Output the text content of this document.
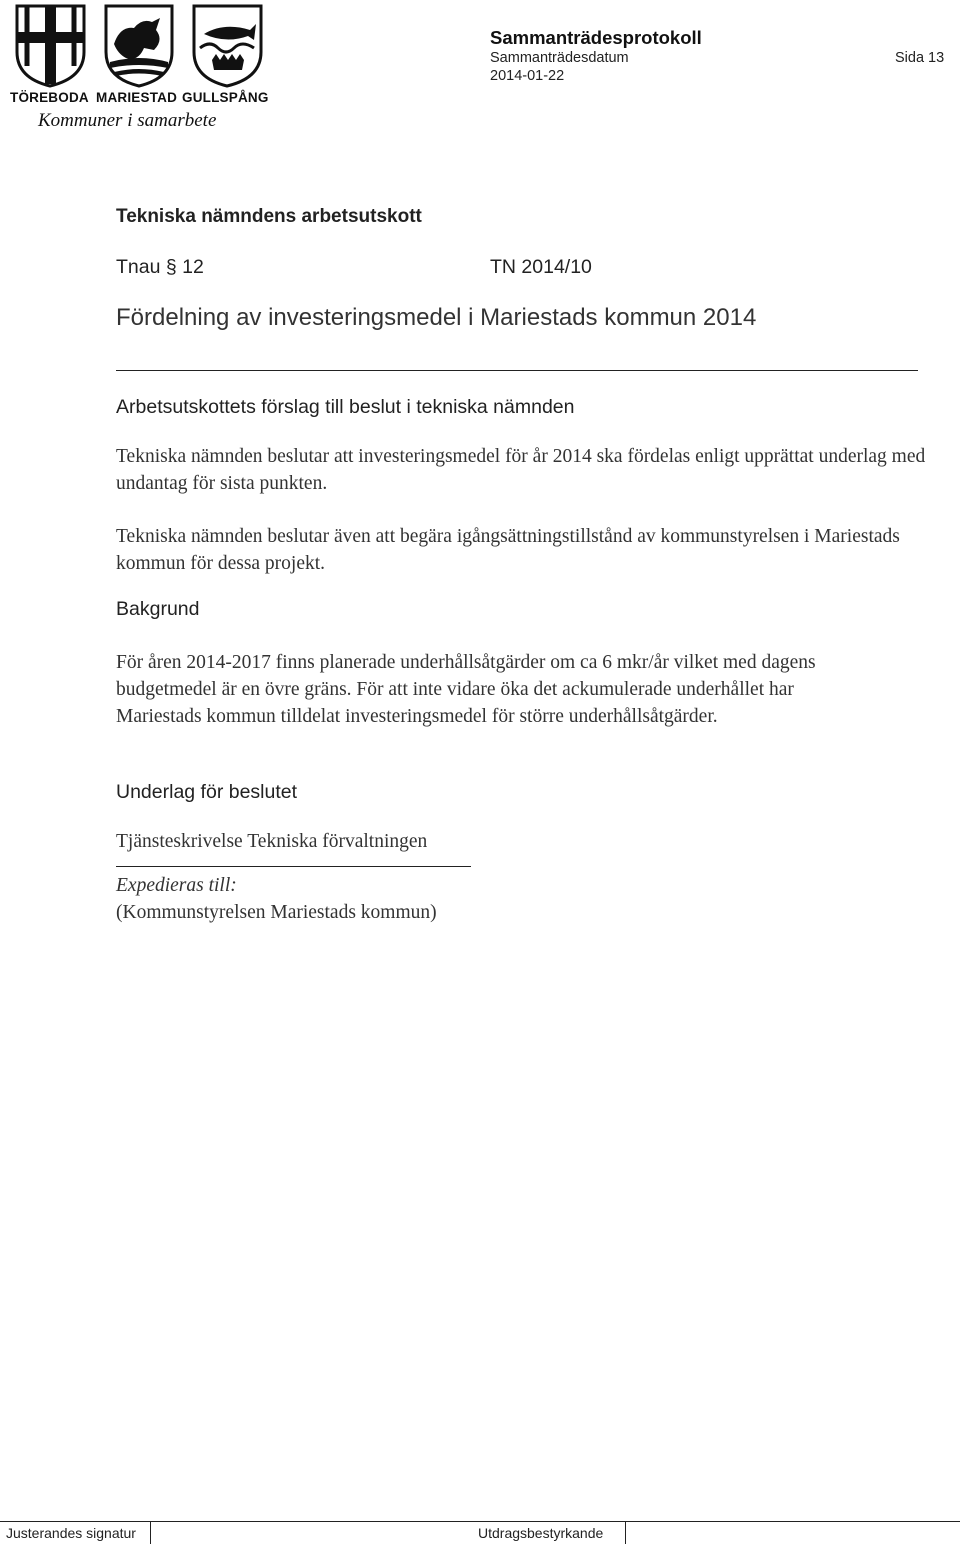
TÖREBODA MARIESTAD GULLSPÅNG
Kommuner i samarbete
Sammanträdesprotokoll
Sammanträdesdatum
2014-01-22
Sida 13
Tekniska nämndens arbetsutskott
Tnau § 12	TN 2014/10
Fördelning av investeringsmedel i Mariestads kommun 2014
Arbetsutskottets förslag till beslut i tekniska nämnden

Tekniska nämnden beslutar att investeringsmedel för år 2014 ska fördelas enligt upprättat underlag med undantag för sista punkten.

Tekniska nämnden beslutar även att begära igångsättningstillstånd av kommunstyrelsen i Mariestads kommun för dessa projekt.

Bakgrund

För åren 2014-2017 finns planerade underhållsåtgärder om ca 6 mkr/år vilket med dagens budgetmedel är en övre gräns. För att inte vidare öka det ackumulerade underhållet har Mariestads kommun tilldelat investeringsmedel för större underhållsåtgärder.

Underlag för beslutet

Tjänsteskrivelse Tekniska förvaltningen

Expedieras till:
(Kommunstyrelsen Mariestads kommun)
Justerandes signatur	Utdragsbestyrkande
